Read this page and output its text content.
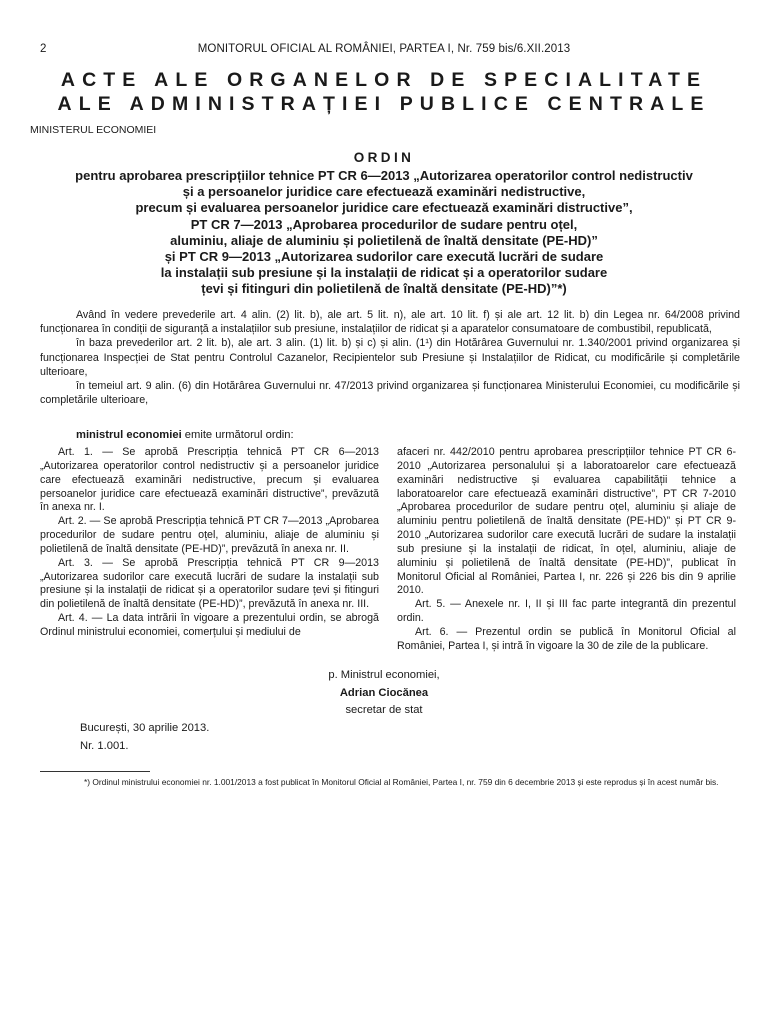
2	MONITORUL OFICIAL AL ROMÂNIEI, PARTEA I, Nr. 759 bis/6.XII.2013
ACTE ALE ORGANELOR DE SPECIALITATE
ALE ADMINISTRAȚIEI PUBLICE CENTRALE
MINISTERUL ECONOMIEI
ORDIN
pentru aprobarea prescripțiilor tehnice PT CR 6—2013 „Autorizarea operatorilor control nedistructiv
și a persoanelor juridice care efectuează examinări nedistructive,
precum și evaluarea persoanelor juridice care efectuează examinări distructive”,
PT CR 7—2013 „Aprobarea procedurilor de sudare pentru oțel,
aluminiu, aliaje de aluminiu și polietilenă de înaltă densitate (PE-HD)”
și PT CR 9—2013 „Autorizarea sudorilor care execută lucrări de sudare
la instalații sub presiune și la instalații de ridicat și a operatorilor sudare
țevi și fitinguri din polietilenă de înaltă densitate (PE-HD)”*)

Având în vedere prevederile art. 4 alin. (2) lit. b), ale art. 5 lit. n), ale art. 10 lit. f) și ale art. 12 lit. b) din Legea nr. 64/2008 privind funcționarea în condiții de siguranță a instalațiilor sub presiune, instalațiilor de ridicat și a aparatelor consumatoare de combustibil, republicată,

în baza prevederilor art. 2 lit. b), ale art. 3 alin. (1) lit. b) și c) și alin. (1¹) din Hotărârea Guvernului nr. 1.340/2001 privind organizarea și funcționarea Inspecției de Stat pentru Controlul Cazanelor, Recipientelor sub Presiune și Instalațiilor de Ridicat, cu modificările și completările ulterioare,

în temeiul art. 9 alin. (6) din Hotărârea Guvernului nr. 47/2013 privind organizarea și funcționarea Ministerului Economiei, cu modificările și completările ulterioare,

ministrul economiei emite următorul ordin:

Art. 1. — Se aprobă Prescripția tehnică PT CR 6—2013 „Autorizarea operatorilor control nedistructiv și a persoanelor juridice care efectuează examinări nedistructive, precum și evaluarea persoanelor juridice care efectuează examinări distructive”, prevăzută în anexa nr. I.

Art. 2. — Se aprobă Prescripția tehnică PT CR 7—2013 „Aprobarea procedurilor de sudare pentru oțel, aluminiu, aliaje de aluminiu și polietilenă de înaltă densitate (PE-HD)”, prevăzută în anexa nr. II.

Art. 3. — Se aprobă Prescripția tehnică PT CR 9—2013 „Autorizarea sudorilor care execută lucrări de sudare la instalații sub presiune și la instalații de ridicat și a operatorilor sudare țevi și fitinguri din polietilenă de înaltă densitate (PE-HD)”, prevăzută în anexa nr. III.

Art. 4. — La data intrării în vigoare a prezentului ordin, se abrogă Ordinul ministrului economiei, comerțului și mediului de

afaceri nr. 442/2010 pentru aprobarea prescripțiilor tehnice PT CR 6-2010 „Autorizarea personalului și a laboratoarelor care efectuează examinări nedistructive și evaluarea capabilității tehnice a laboratoarelor care efectuează examinări distructive”, PT CR 7-2010 „Aprobarea procedurilor de sudare pentru oțel, aluminiu și aliaje de aluminiu pentru polietilenă de înaltă densitate (PE-HD)” și PT CR 9-2010 „Autorizarea sudorilor care execută lucrări de sudare la instalații sub presiune și la instalații de ridicat, în oțel, aluminiu, aliaje de aluminiu și polietilenă de înaltă densitate (PE-HD)”, publicat în Monitorul Oficial al României, Partea I, nr. 226 și 226 bis din 9 aprilie 2010.

Art. 5. — Anexele nr. I, II și III fac parte integrantă din prezentul ordin.

Art. 6. — Prezentul ordin se publică în Monitorul Oficial al României, Partea I, și intră în vigoare la 30 de zile de la publicare.

p. Ministrul economiei,
Adrian Ciocănea
secretar de stat
București, 30 aprilie 2013.
Nr. 1.001.
*) Ordinul ministrului economiei nr. 1.001/2013 a fost publicat în Monitorul Oficial al României, Partea I, nr. 759 din 6 decembrie 2013 și este reprodus și în acest număr bis.
